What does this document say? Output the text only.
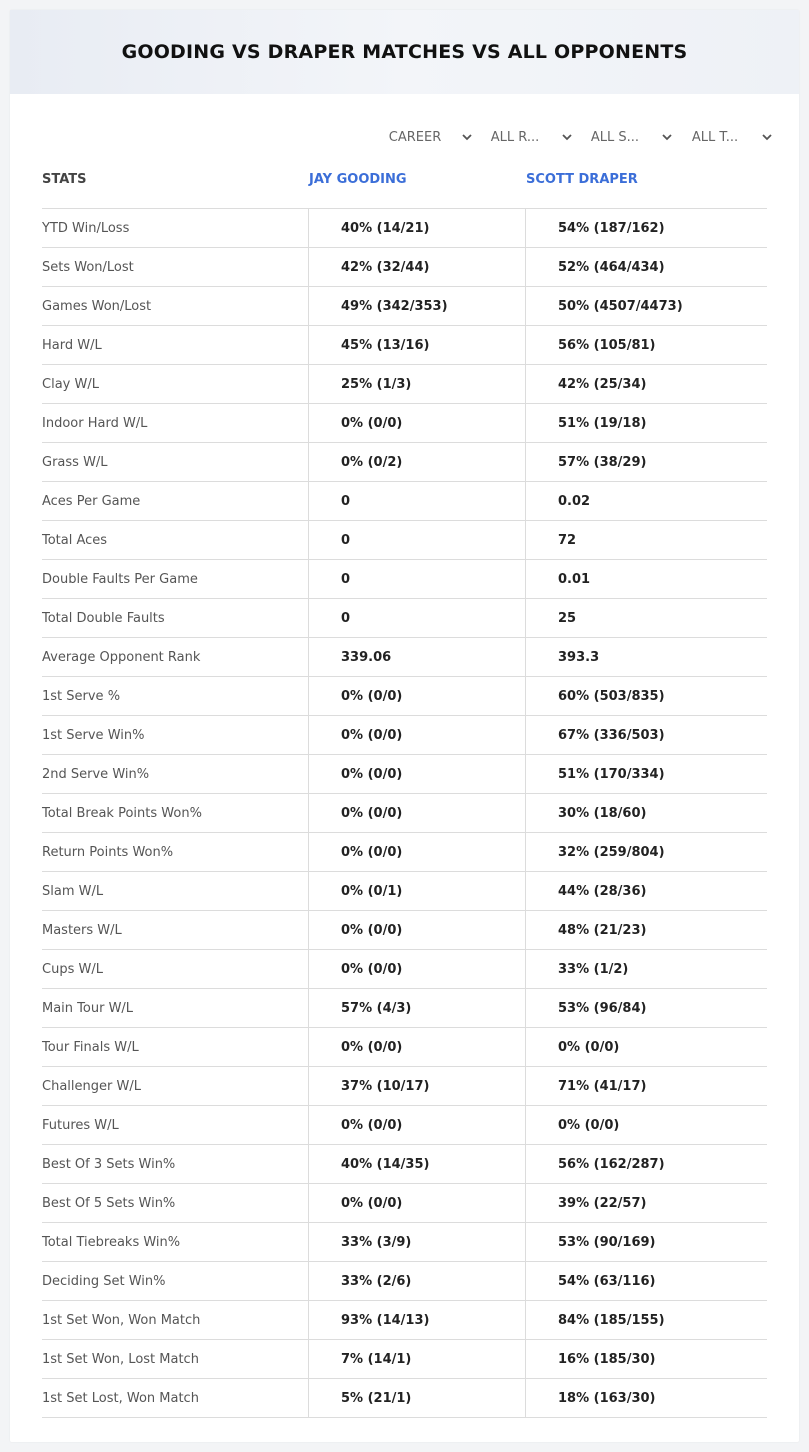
GOODING VS DRAPER MATCHES VS ALL OPPONENTS
CAREER	ALL R...	ALL S...	ALL T...
STATS	JAY GOODING	SCOTT DRAPER
YTD Win/Loss	40% (14/21)	54% (187/162)
Sets Won/Lost	42% (32/44)	52% (464/434)
Games Won/Lost	49% (342/353)	50% (4507/4473)
Hard W/L	45% (13/16)	56% (105/81)
Clay W/L	25% (1/3)	42% (25/34)
Indoor Hard W/L	0% (0/0)	51% (19/18)
Grass W/L	0% (0/2)	57% (38/29)
Aces Per Game	0	0.02
Total Aces	0	72
Double Faults Per Game	0	0.01
Total Double Faults	0	25
Average Opponent Rank	339.06	393.3
1st Serve %	0% (0/0)	60% (503/835)
1st Serve Win%	0% (0/0)	67% (336/503)
2nd Serve Win%	0% (0/0)	51% (170/334)
Total Break Points Won%	0% (0/0)	30% (18/60)
Return Points Won%	0% (0/0)	32% (259/804)
Slam W/L	0% (0/1)	44% (28/36)
Masters W/L	0% (0/0)	48% (21/23)
Cups W/L	0% (0/0)	33% (1/2)
Main Tour W/L	57% (4/3)	53% (96/84)
Tour Finals W/L	0% (0/0)	0% (0/0)
Challenger W/L	37% (10/17)	71% (41/17)
Futures W/L	0% (0/0)	0% (0/0)
Best Of 3 Sets Win%	40% (14/35)	56% (162/287)
Best Of 5 Sets Win%	0% (0/0)	39% (22/57)
Total Tiebreaks Win%	33% (3/9)	53% (90/169)
Deciding Set Win%	33% (2/6)	54% (63/116)
1st Set Won, Won Match	93% (14/13)	84% (185/155)
1st Set Won, Lost Match	7% (14/1)	16% (185/30)
1st Set Lost, Won Match	5% (21/1)	18% (163/30)
